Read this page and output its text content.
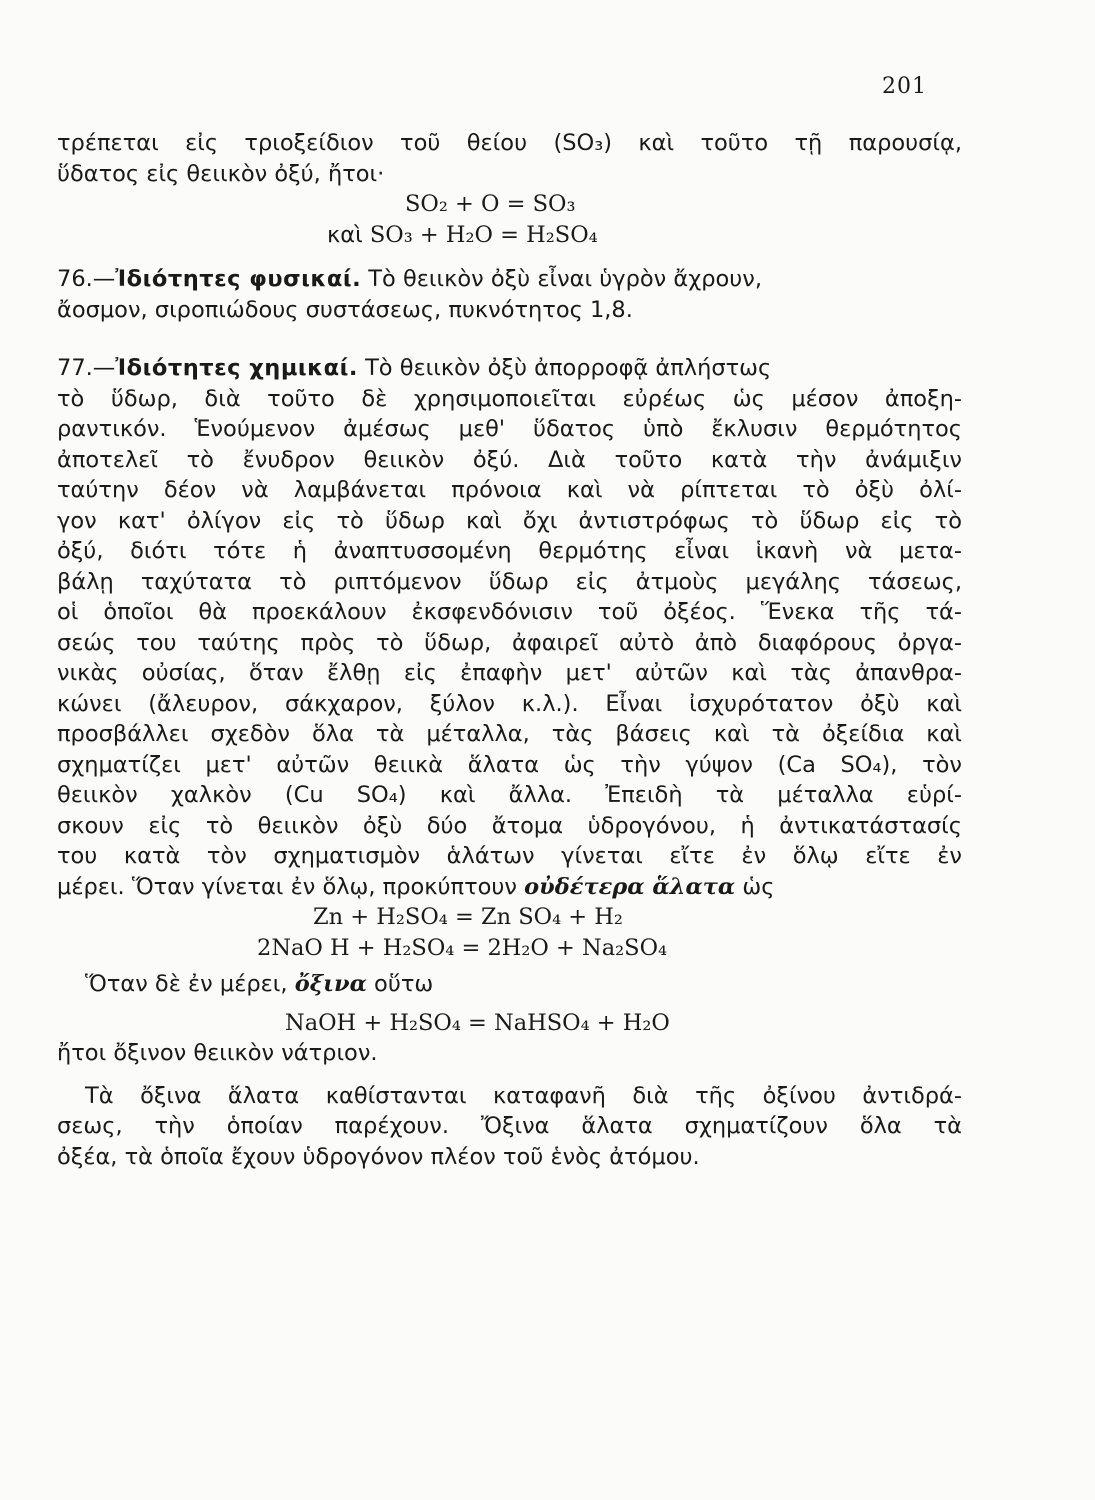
201
τρέπεται εἰς τριοξείδιον τοῦ θείου (SO₃) καὶ τοῦτο τῇ παρουσίᾳ,
ὕδατος εἰς θειικὸν ὀξύ, ἤτοι·
SO₂ + O = SO₃
καὶ SO₃ + H₂O = H₂SO₄
76.—Ἰδιότητες φυσικαί. Τὸ θειικὸν ὀξὺ εἶναι ὑγρὸν ἄχρουν,
ἄοσμον, σιροπιώδους συστάσεως, πυκνότητος 1,8.
77.—Ἰδιότητες χημικαί. Τὸ θειικὸν ὀξὺ ἀπορροφᾷ ἀπλήστως
τὸ ὕδωρ, διὰ τοῦτο δὲ χρησιμοποιεῖται εὐρέως ὡς μέσον ἀποξη-
ραντικόν. Ἑνούμενον ἀμέσως μεθ' ὕδατος ὑπὸ ἔκλυσιν θερμότητος
ἀποτελεῖ τὸ ἔνυδρον θειικὸν ὀξύ. Διὰ τοῦτο κατὰ τὴν ἀνάμιξιν
ταύτην δέον νὰ λαμβάνεται πρόνοια καὶ νὰ ρίπτεται τὸ ὀξὺ ὀλί-
γον κατ' ὀλίγον εἰς τὸ ὕδωρ καὶ ὄχι ἀντιστρόφως τὸ ὕδωρ εἰς τὸ
ὀξύ, διότι τότε ἡ ἀναπτυσσομένη θερμότης εἶναι ἱκανὴ νὰ μετα-
βάλῃ ταχύτατα τὸ ριπτόμενον ὕδωρ εἰς ἀτμοὺς μεγάλης τάσεως,
οἱ ὁποῖοι θὰ προεκάλουν ἐκσφενδόνισιν τοῦ ὀξέος. Ἕνεκα τῆς τά-
σεώς του ταύτης πρὸς τὸ ὕδωρ, ἀφαιρεῖ αὐτὸ ἀπὸ διαφόρους ὀργα-
νικὰς οὐσίας, ὅταν ἔλθῃ εἰς ἐπαφὴν μετ' αὐτῶν καὶ τὰς ἀπανθρα-
κώνει (ἄλευρον, σάκχαρον, ξύλον κ.λ.). Εἶναι ἰσχυρότατον ὀξὺ καὶ
προσβάλλει σχεδὸν ὅλα τὰ μέταλλα, τὰς βάσεις καὶ τὰ ὀξείδια καὶ
σχηματίζει μετ' αὐτῶν θειικὰ ἅλατα ὡς τὴν γύψον (Ca SO₄), τὸν
θειικὸν χαλκὸν (Cu SO₄) καὶ ἄλλα. Ἐπειδὴ τὰ μέταλλα εὑρί-
σκουν εἰς τὸ θειικὸν ὀξὺ δύο ἄτομα ὑδρογόνου, ἡ ἀντικατάστασίς
του κατὰ τὸν σχηματισμὸν ἁλάτων γίνεται εἴτε ἐν ὅλῳ εἴτε ἐν
μέρει. Ὅταν γίνεται ἐν ὅλῳ, προκύπτουν οὐδέτερα ἅλατα ὡς
Zn + H₂SO₄ = Zn SO₄ + H₂
2NaO H + H₂SO₄ = 2H₂O + Na₂SO₄
Ὅταν δὲ ἐν μέρει, ὄξινα οὕτω
NaOH + H₂SO₄ = NaHSO₄ + H₂O
ἤτοι ὄξινον θειικὸν νάτριον.
Τὰ ὄξινα ἅλατα καθίστανται καταφανῆ διὰ τῆς ὀξίνου ἀντιδρά-
σεως, τὴν ὁποίαν παρέχουν. Ὄξινα ἅλατα σχηματίζουν ὅλα τὰ
ὀξέα, τὰ ὁποῖα ἔχουν ὑδρογόνον πλέον τοῦ ἑνὸς ἀτόμου.
